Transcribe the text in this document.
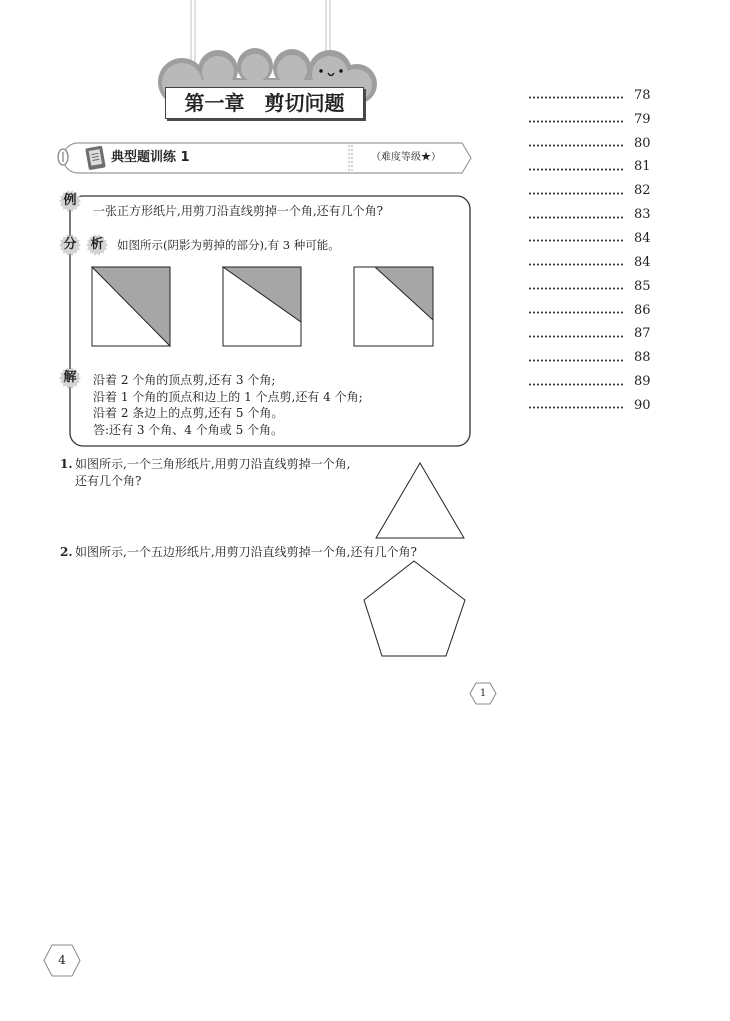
第一章　剪切问题	78
79
80
81
82
83
84
84
85
86
87
88
89
90
典型题训练 1	（难度等级★）
例
分	析
解
一张正方形纸片,用剪刀沿直线剪掉一个角,还有几个角?
如图所示(阴影为剪掉的部分),有 3 种可能。
沿着 2 个角的顶点剪,还有 3 个角;
沿着 1 个角的顶点和边上的 1 个点剪,还有 4 个角;
沿着 2 条边上的点剪,还有 5 个角。
答:还有 3 个角、4 个角或 5 个角。
1. 如图所示,一个三角形纸片,用剪刀沿直线剪掉一个角,
还有几个角?
2. 如图所示,一个五边形纸片,用剪刀沿直线剪掉一个角,还有几个角?
1
4
